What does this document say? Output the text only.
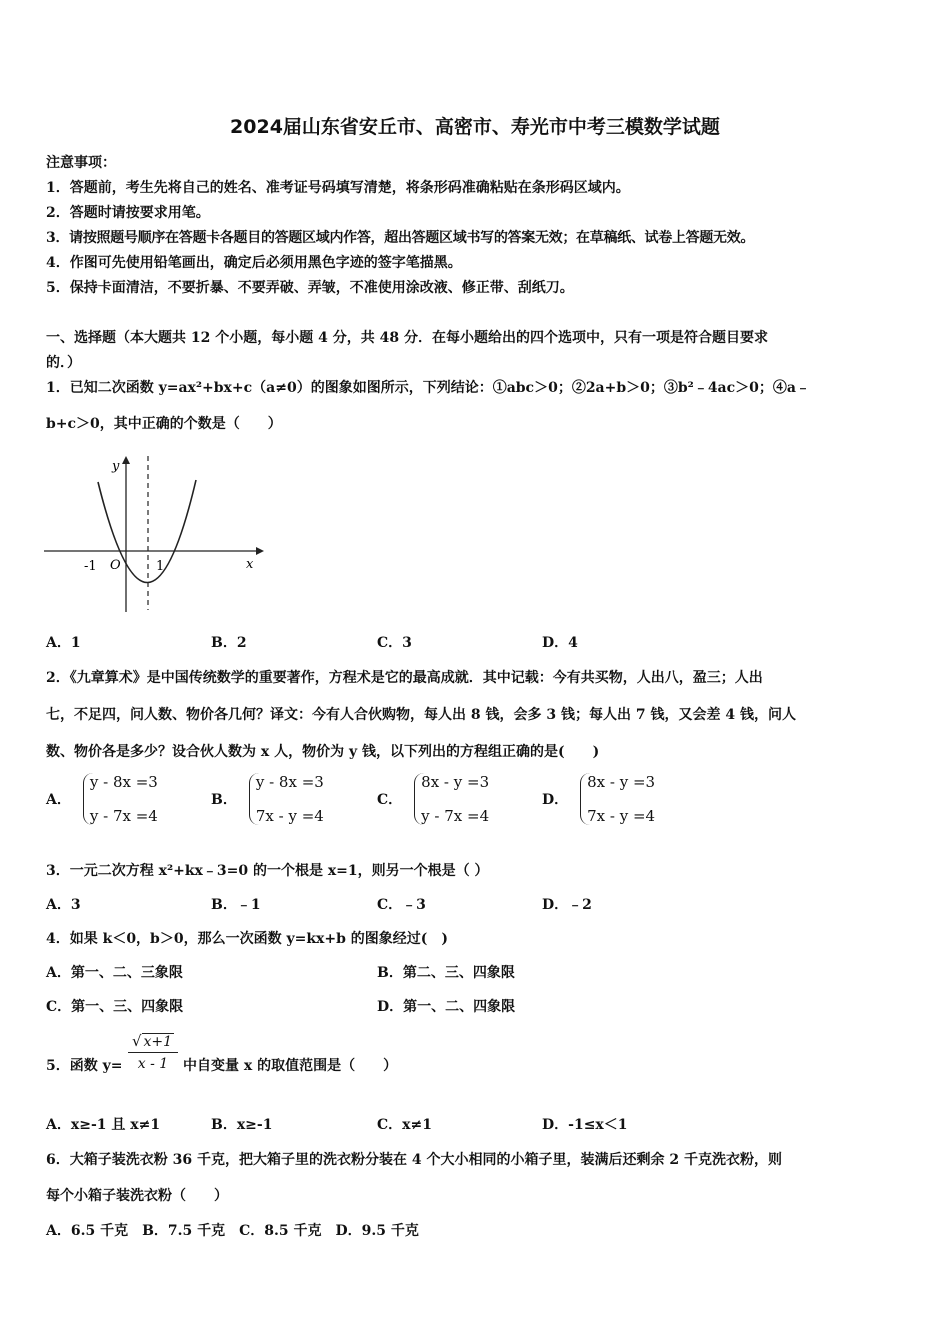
2024届山东省安丘市、高密市、寿光市中考三模数学试题
注意事项：
1．答题前，考生先将自己的姓名、准考证号码填写清楚，将条形码准确粘贴在条形码区域内。
2．答题时请按要求用笔。
3．请按照题号顺序在答题卡各题目的答题区域内作答，超出答题区域书写的答案无效；在草稿纸、试卷上答题无效。
4．作图可先使用铅笔画出，确定后必须用黑色字迹的签字笔描黑。
5．保持卡面清洁，不要折暴、不要弄破、弄皱，不准使用涂改液、修正带、刮纸刀。
一、选择题（本大题共 12 个小题，每小题 4 分，共 48 分．在每小题给出的四个选项中，只有一项是符合题目要求
的．）
1．已知二次函数 y=ax²+bx+c（a≠0）的图象如图所示，下列结论：①abc＞0；②2a+b＞0；③b²﹣4ac＞0；④a﹣
b+c＞0，其中正确的个数是（　　）
y
x
O
-1	1
A．1	B．2	C．3	D．4
2．《九章算术》是中国传统数学的重要著作，方程术是它的最高成就．其中记载：今有共买物，人出八，盈三；人出
七，不足四，问人数、物价各几何？译文：今有人合伙购物，每人出 8 钱，会多 3 钱；每人出 7 钱，又会差 4 钱，问人
数、物价各是多少？设合伙人数为 x 人，物价为 y 钱，以下列出的方程组正确的是(　　)
A．
y - 8x =3
y - 7x =4
B．
y - 8x =3
7x - y =4
C．
8x - y =3
y - 7x =4
D．
8x - y =3
7x - y =4
3．一元二次方程 x²+kx﹣3=0 的一个根是 x=1，则另一个根是（ ）
A．3	B．﹣1	C．﹣3	D．﹣2
4．如果 k＜0，b＞0，那么一次函数 y=kx+b 的图象经过(　)
A．第一、二、三象限	B．第二、三、四象限
C．第一、三、四象限	D．第一、二、四象限
5．函数 $y= \frac{√ x+1}{x - 1}$ 中自变量 x 的取值范围是（　　）
A．x≥-1 且 x≠1	B．x≥-1	C．x≠1	D．-1≤x＜1
6．大箱子装洗衣粉 36 千克，把大箱子里的洗衣粉分装在 4 个大小相同的小箱子里，装满后还剩余 2 千克洗衣粉，则
每个小箱子装洗衣粉（　　）
A．6.5 千克　B．7.5 千克　C．8.5 千克　D．9.5 千克
